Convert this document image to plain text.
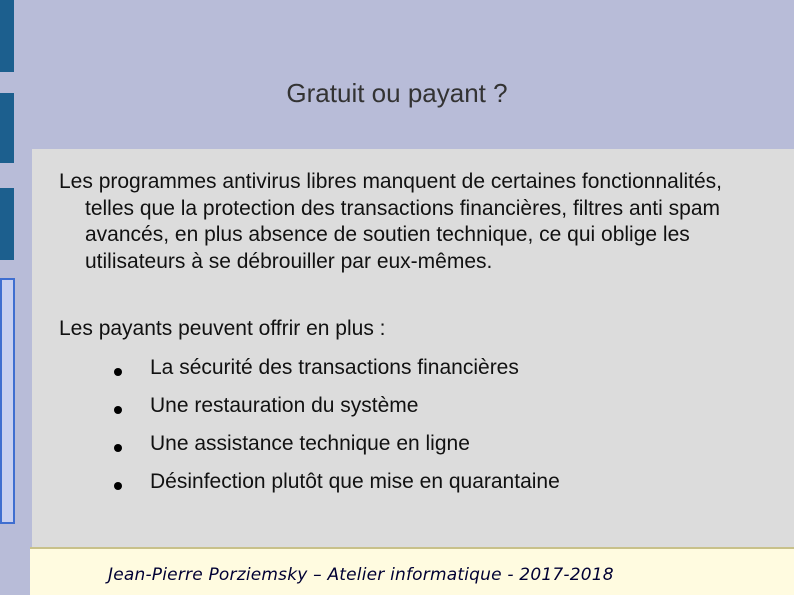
Gratuit ou payant ?

Les programmes antivirus libres manquent de certaines fonctionnalités, telles que la protection des transactions financières, filtres anti spam avancés, en plus absence de soutien technique, ce qui oblige les utilisateurs à se débrouiller par eux-mêmes.

Les payants peuvent offrir en plus :

La sécurité des transactions financières
Une restauration du système
Une assistance technique en ligne
Désinfection plutôt que mise en quarantaine
Jean-Pierre Porziemsky – Atelier informatique - 2017-2018
